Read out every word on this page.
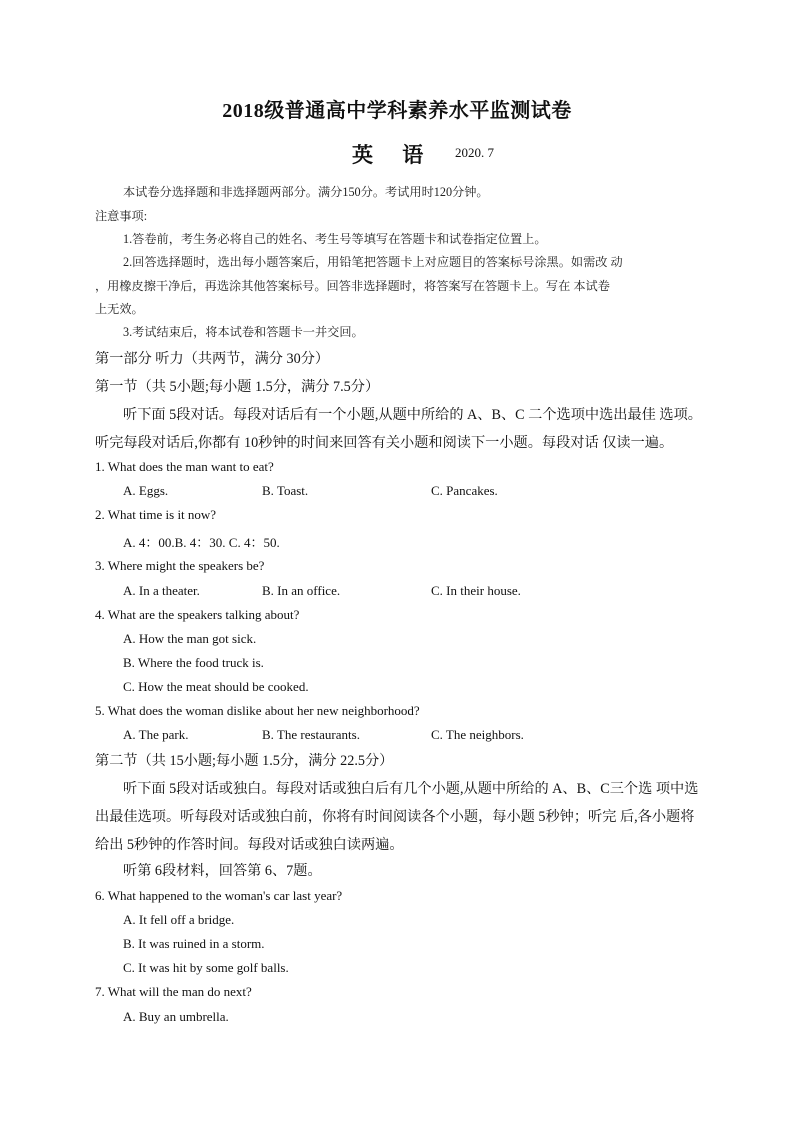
2018级普通高中学科素养水平监测试卷
英 语 2020. 7
本试卷分选择题和非选择题两部分。满分150分。考试用时120分钟。
注意事项:
1.答卷前，考生务必将自己的姓名、考生号等填写在答题卡和试卷指定位置上。
2.回答选择题时，选出每小题答案后，用铅笔把答题卡上对应题目的答案标号涂黑。如需改 动
，用橡皮擦干净后，再选涂其他答案标号。回答非选择题时，将答案写在答题卡上。写在 本试卷
上无效。
3.考试结束后，将本试卷和答题卡一并交回。
第一部分 听力（共两节，满分 30分）
第一节（共 5小题;每小题 1.5分，满分 7.5分）
听下面 5段对话。每段对话后有一个小题,从题中所给的 A、B、C 二个选项中选出最佳 选项。
听完每段对话后,你都有 10秒钟的时间来回答有关小题和阅读下一小题。每段对话 仅读一遍。
1. What does the man want to eat?
A. Eggs.	B. Toast.	C. Pancakes.
2. What time is it now?
A. 4：00.B. 4：30. C. 4：50.
3. Where might the speakers be?
A. In a theater.	B. In an office.	C. In their house.
4. What are the speakers talking about?
A. How the man got sick.
B. Where the food truck is.
C. How the meat should be cooked.
5. What does the woman dislike about her new neighborhood?
A. The park.	B. The restaurants.	C. The neighbors.
第二节（共 15小题;每小题 1.5分，满分 22.5分）
听下面 5段对话或独白。每段对话或独白后有几个小题,从题中所给的 A、B、C三个选 项中选
出最佳选项。听每段对话或独白前，你将有时间阅读各个小题，每小题 5秒钟；听完 后,各小题将
给出 5秒钟的作答时间。每段对话或独白读两遍。
听第 6段材料，回答第 6、7题。
6. What happened to the woman's car last year?
A. It fell off a bridge.
B. It was ruined in a storm.
C. It was hit by some golf balls.
7. What will the man do next?
A. Buy an umbrella.
